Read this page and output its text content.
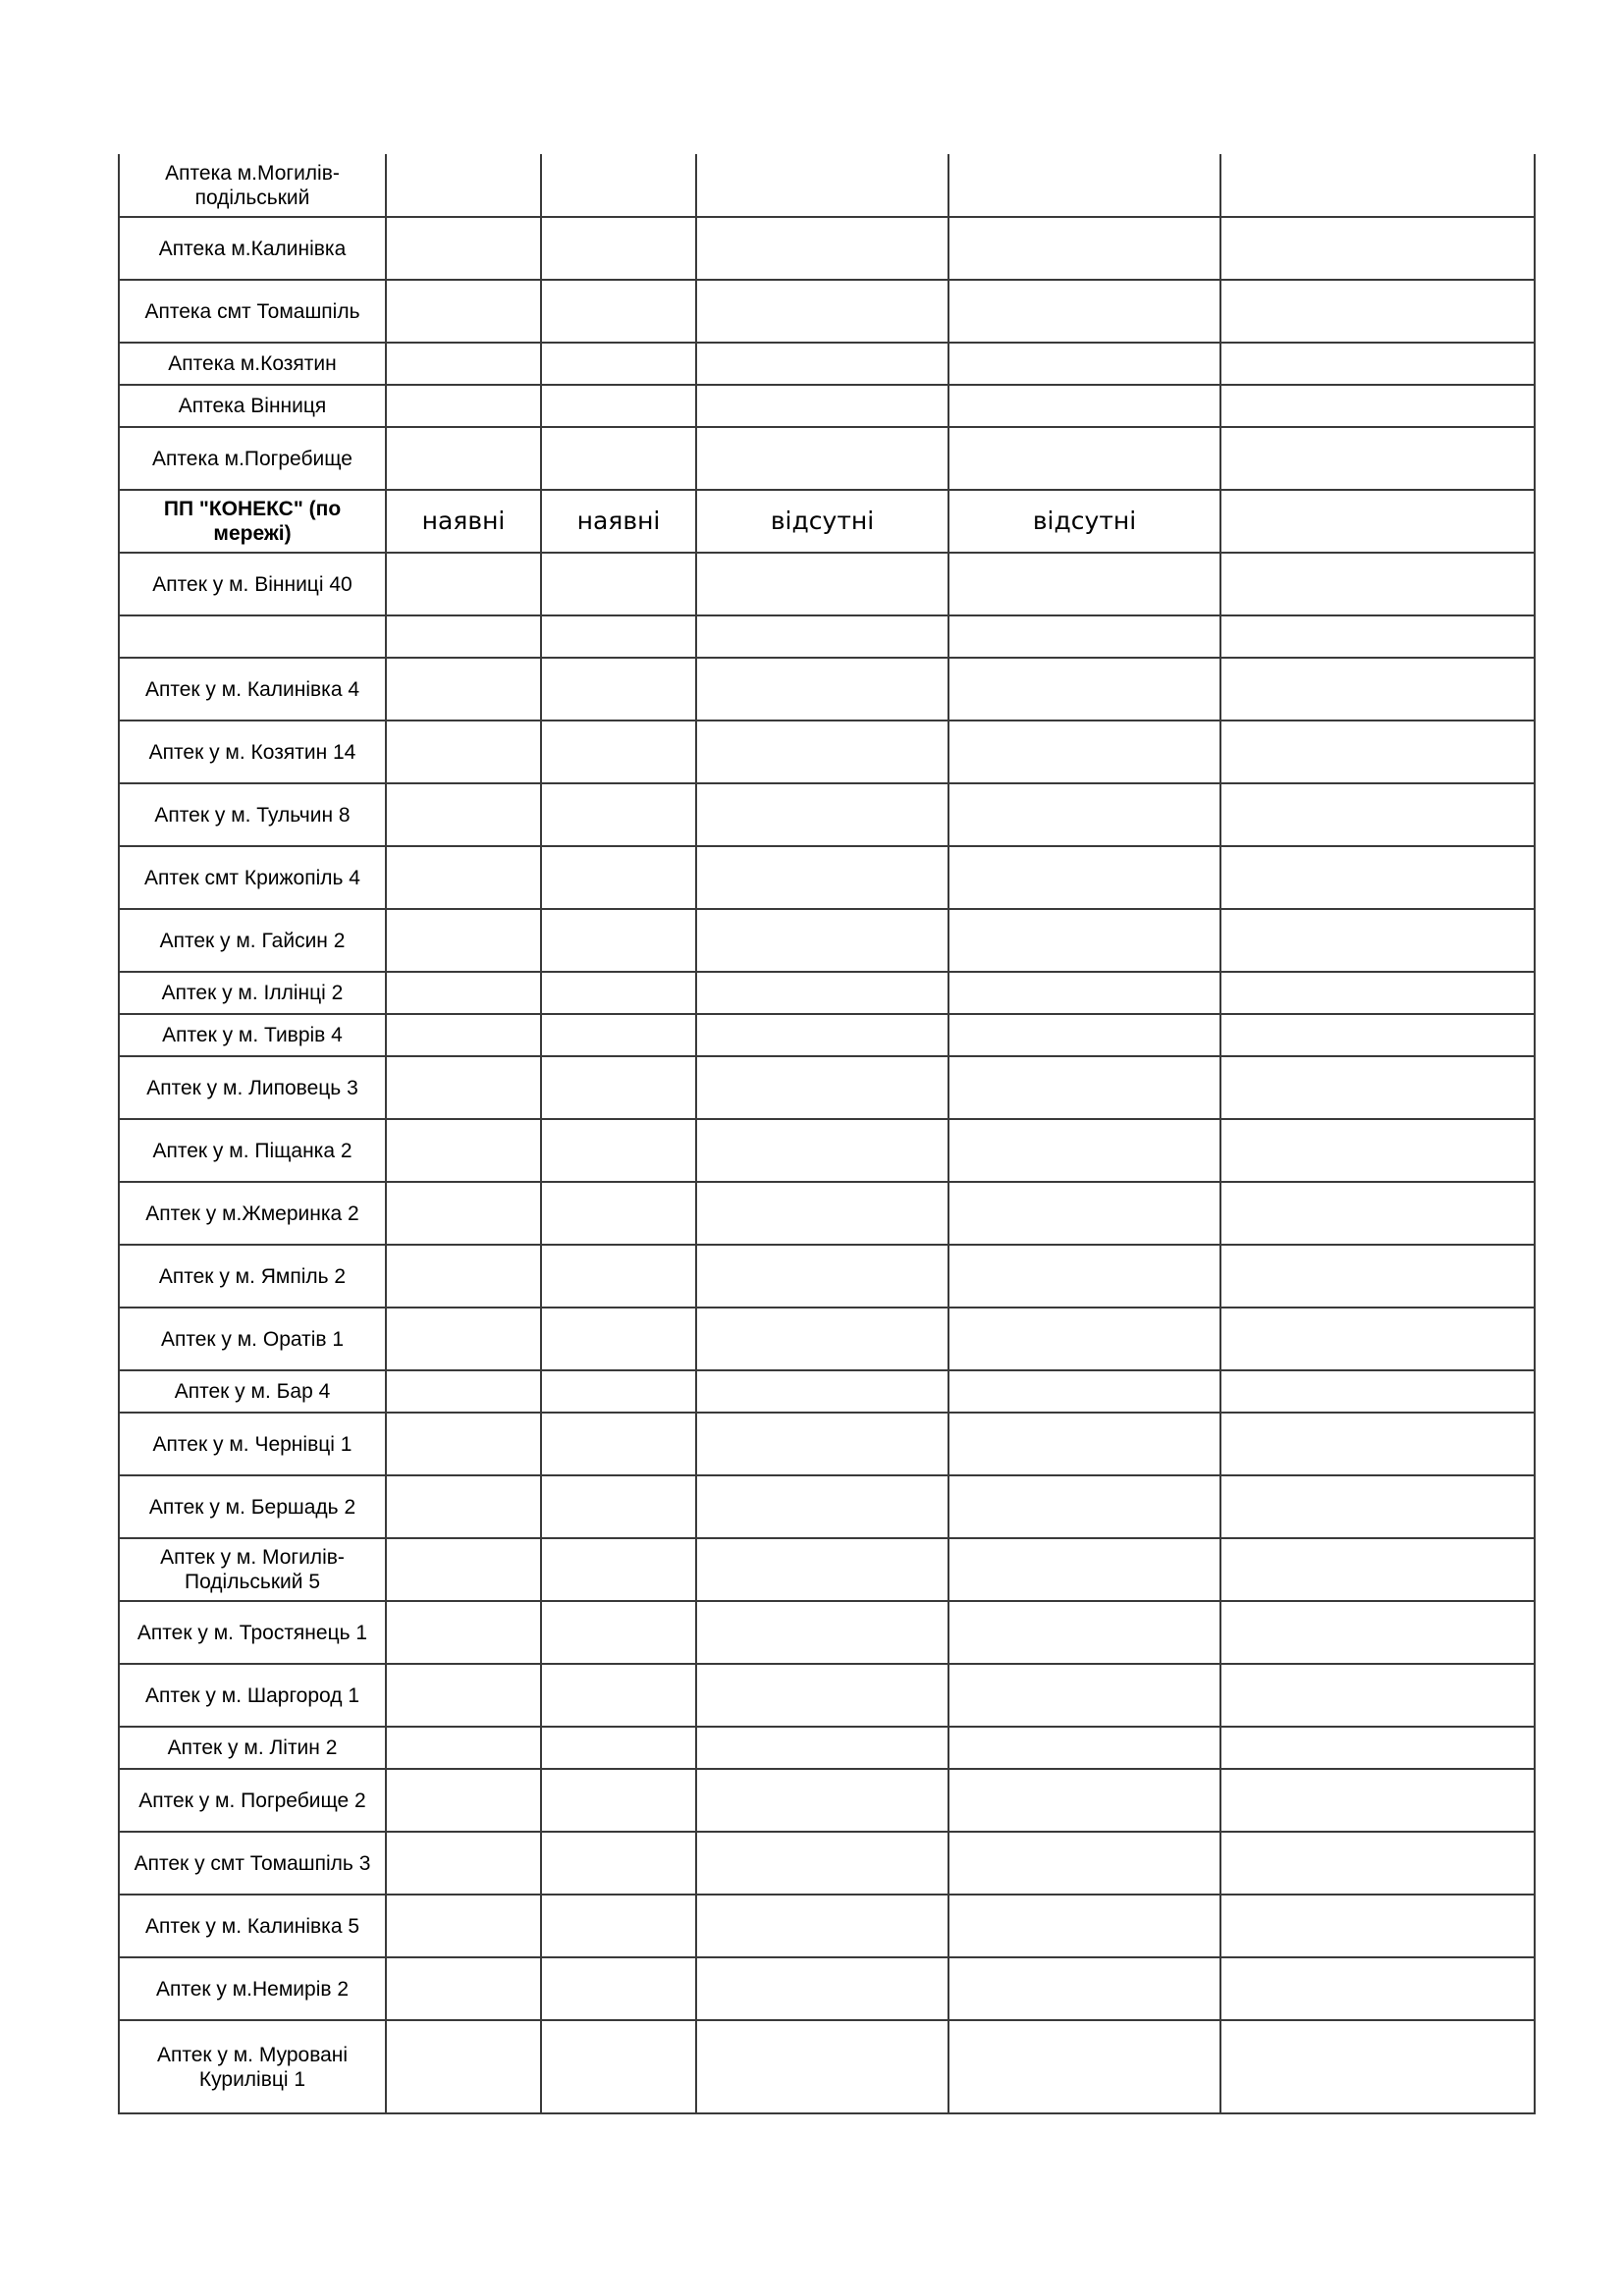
Аптека м.Могилів-подільський					
Аптека м.Калинівка					
Аптека смт Томашпіль					
Аптека м.Козятин					
Аптека Вінниця					
Аптека м.Погребище					
ПП "КОНЕКС" (по мережі)	наявні	наявні	відсутні	відсутні	
Аптек у м. Вінниці 40					

Аптек у м. Калинівка 4					
Аптек у м. Козятин 14					
Аптек у м. Тульчин 8					
Аптек смт Крижопіль 4					
Аптек у м. Гайсин 2					
Аптек у м. Іллінці 2					
Аптек у м. Тиврів 4					
Аптек у м. Липовець 3					
Аптек у м. Піщанка 2					
Аптек у м.Жмеринка 2					
Аптек у м. Ямпіль 2					
Аптек у м. Оратів 1					
Аптек у м. Бар 4					
Аптек у м. Чернівці 1					
Аптек у м. Бершадь 2					
Аптек у м. Могилів-Подільський 5					
Аптек у м. Тростянець 1					
Аптек у м. Шаргород 1					
Аптек у м. Літин 2					
Аптек у м. Погребище 2					
Аптек у смт Томашпіль 3					
Аптек у м. Калинівка 5					
Аптек у м.Немирів 2					
Аптек у м. Мурованi Курилівці 1					
